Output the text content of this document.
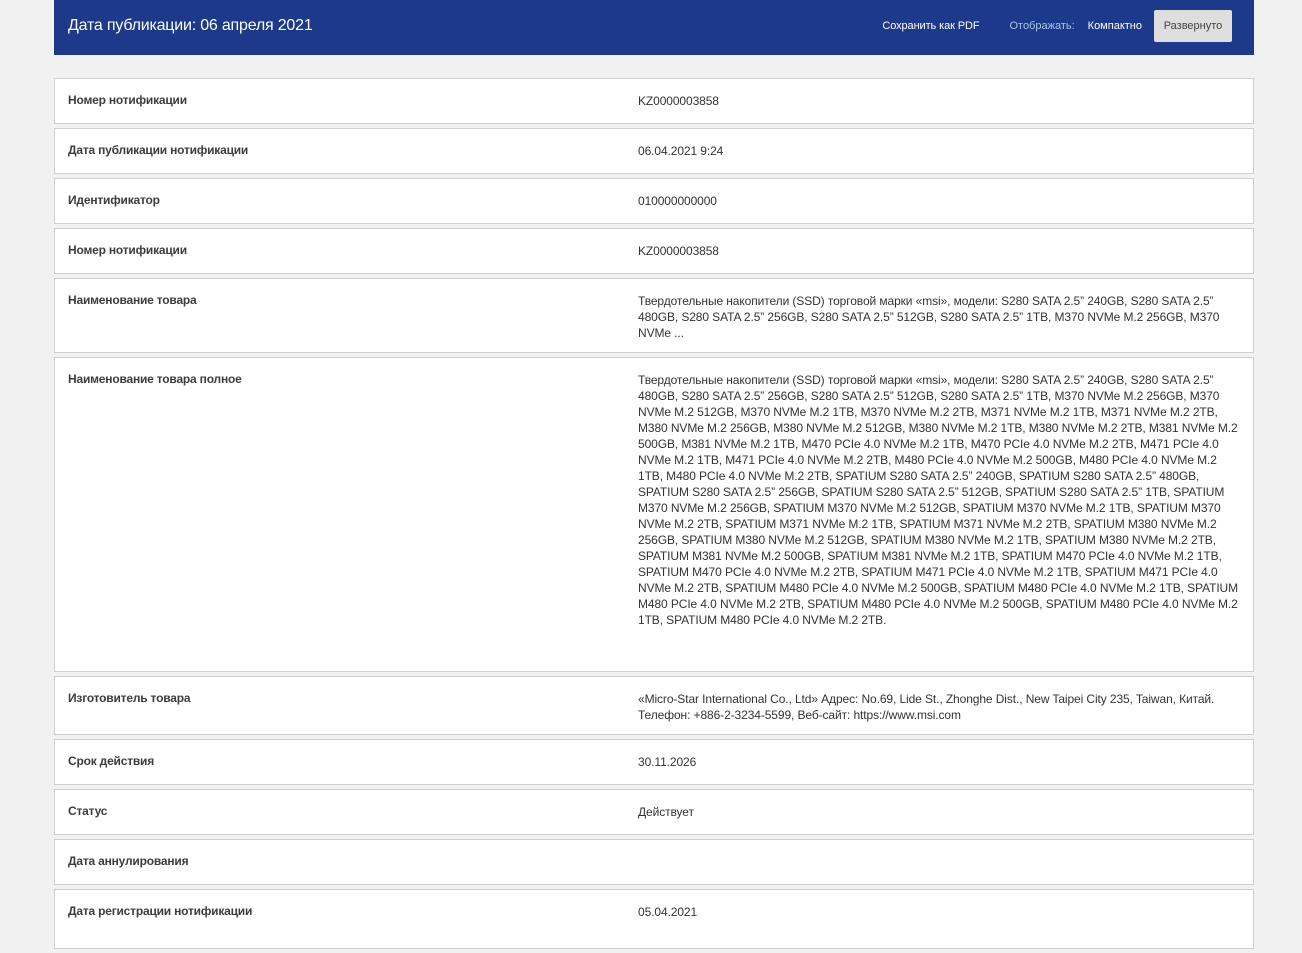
Дата публикации: 06 апреля 2021	Сохранить как PDF	Отображать: Компактно	Развернуто
Номер нотификации	KZ0000003858
Дата публикации нотификации	06.04.2021 9:24
Идентификатор	010000000000
Номер нотификации	KZ0000003858
Наименование товара	Твердотельные накопители (SSD) торговой марки «msi», модели: S280 SATA 2.5” 240GB, S280 SATA 2.5” 480GB, S280 SATA 2.5” 256GB, S280 SATA 2.5” 512GB, S280 SATA 2.5” 1TB, M370 NVMe M.2 256GB, M370 NVMe ...
Наименование товара полное	Твердотельные накопители (SSD) торговой марки «msi», модели: S280 SATA 2.5” 240GB, S280 SATA 2.5” 480GB, S280 SATA 2.5” 256GB, S280 SATA 2.5” 512GB, S280 SATA 2.5” 1TB, M370 NVMe M.2 256GB, M370 NVMe M.2 512GB, M370 NVMe M.2 1TB, M370 NVMe M.2 2TB, M371 NVMe M.2 1TB, M371 NVMe M.2 2TB, M380 NVMe M.2 256GB, M380 NVMe M.2 512GB, M380 NVMe M.2 1TB, M380 NVMe M.2 2TB, M381 NVMe M.2 500GB, M381 NVMe M.2 1TB, M470 PCIe 4.0 NVMe M.2 1TB, M470 PCIe 4.0 NVMe M.2 2TB, M471 PCIe 4.0 NVMe M.2 1TB, M471 PCIe 4.0 NVMe M.2 2TB, M480 PCIe 4.0 NVMe M.2 500GB, M480 PCIe 4.0 NVMe M.2 1TB, M480 PCIe 4.0 NVMe M.2 2TB, SPATIUM S280 SATA 2.5” 240GB, SPATIUM S280 SATA 2.5” 480GB, SPATIUM S280 SATA 2.5” 256GB, SPATIUM S280 SATA 2.5” 512GB, SPATIUM S280 SATA 2.5” 1TB, SPATIUM M370 NVMe M.2 256GB, SPATIUM M370 NVMe M.2 512GB, SPATIUM M370 NVMe M.2 1TB, SPATIUM M370 NVMe M.2 2TB, SPATIUM M371 NVMe M.2 1TB, SPATIUM M371 NVMe M.2 2TB, SPATIUM M380 NVMe M.2 256GB, SPATIUM M380 NVMe M.2 512GB, SPATIUM M380 NVMe M.2 1TB, SPATIUM M380 NVMe M.2 2TB, SPATIUM M381 NVMe M.2 500GB, SPATIUM M381 NVMe M.2 1TB, SPATIUM M470 PCIe 4.0 NVMe M.2 1TB, SPATIUM M470 PCIe 4.0 NVMe M.2 2TB, SPATIUM M471 PCIe 4.0 NVMe M.2 1TB, SPATIUM M471 PCIe 4.0 NVMe M.2 2TB, SPATIUM M480 PCIe 4.0 NVMe M.2 500GB, SPATIUM M480 PCIe 4.0 NVMe M.2 1TB, SPATIUM M480 PCIe 4.0 NVMe M.2 2TB, SPATIUM M480 PCIe 4.0 NVMe M.2 500GB, SPATIUM M480 PCIe 4.0 NVMe M.2 1TB, SPATIUM M480 PCIe 4.0 NVMe M.2 2TB.
Изготовитель товара	«Micro-Star International Co., Ltd» Адрес: No.69, Lide St., Zhonghe Dist., New Taipei City 235, Taiwan, Китай. Телефон: +886-2-3234-5599, Веб-сайт: https://www.msi.com
Срок действия	30.11.2026
Статус	Действует
Дата аннулирования
Дата регистрации нотификации	05.04.2021
